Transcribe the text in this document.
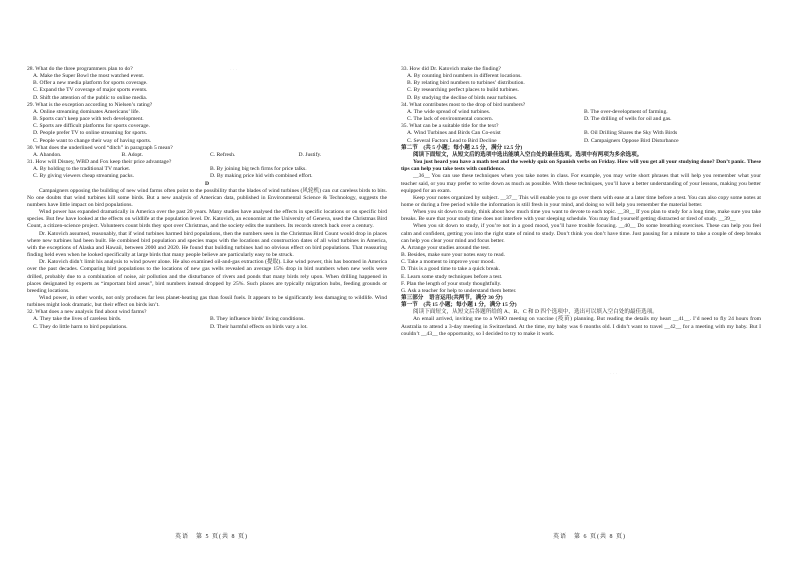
· · ·
· · ·

28. What do the three programmers plan to do?

A. Make the Super Bowl the most watched event.

B. Offer a new media platform for sports coverage.

C. Expand the TV coverage of major sports events.

D. Shift the attention of the public to online media.

29. What is the exception according to Nielsen’s rating?

A. Online streaming dominates Americans’ life.

B. Sports can’t keep pace with tech development.

C. Sports are difficult platforms for sports coverage.

D. People prefer TV to online streaming for sports.

C. People want to change their way of having sports.

30. What does the underlined word “ditch” in paragraph 5 mean?

A. Abandon.	B. Adopt.	C. Refresh.	D. Justify.

31. How will Disney, WBD and Fox keep their price advantage?

A. By holding to the traditional TV market.	B. By joining big tech firms for price talks.
C. By giving viewers cheap streaming packs.	D. By making price hid with combined effort.

D

Campaigners opposing the building of new wind farms often point to the possibility that the blades of wind turbines (风轮机) can cut careless birds to bits. No one doubts that wind turbines kill some birds. But a new analysis of American data, published in Environmental Science & Technology, suggests the numbers have little impact on bird populations.

Wind power has expanded dramatically in America over the past 20 years. Many studies have analysed the effects in specific locations or on specific bird species. But few have looked at the effects on wildlife at the population level. Dr. Katovich, an economist at the University of Geneva, used the Christmas Bird Count, a citizen-science project. Volunteers count birds they spot over Christmas, and the society edits the numbers. Its records stretch back over a century.

Dr. Katovich assumed, reasonably, that if wind turbines harmed bird populations, then the numbers seen in the Christmas Bird Count would drop in places where new turbines had been built. He combined bird population and species maps with the locations and construction dates of all wind turbines in America, with the exceptions of Alaska and Hawaii, between 2000 and 2020. He found that building turbines had no obvious effect on bird populations. That reassuring finding held even when he looked specifically at large birds that many people believe are particularly easy to be struck.

Dr. Katovich didn’t limit his analysis to wind power alone. He also examined oil-and-gas extraction (提取). Like wind power, this has boomed in America over the past decades. Comparing bird populations to the locations of new gas wells revealed an average 15% drop in bird numbers when new wells were drilled, probably due to a combination of noise, air pollution and the disturbance of rivers and ponds that many birds rely upon. When drilling happened in places designated by experts as “important bird areas”, bird numbers instead dropped by 25%. Such places are typically migration hubs, feeding grounds or breeding locations.

Wind power, in other words, not only produces far less planet-heating gas than fossil fuels. It appears to be significantly less damaging to wildlife. Wind turbines might look dramatic, but their effect on birds isn’t.

32. What does a new analysis find about wind farms?

A. They take the lives of careless birds.	B. They influence birds’ living conditions.
C. They do little harm to bird populations.	D. Their harmful effects on birds vary a lot.

33. How did Dr. Katovich make the finding?

A. By counting bird numbers in different locations.

B. By relating bird numbers to turbines’ distribution.

C. By researching perfect places to build turbines.

D. By studying the decline of birds near turbines.

34. What contributes most to the drop of bird numbers?

A. The wide spread of wind turbines.	B. The over-development of farming.
C. The lack of environmental concern.	D. The drilling of wells for oil and gas.

35. What can be a suitable title for the text?

A. Wind Turbines and Birds Can Co-exist	B. Oil Drilling Shares the Sky With Birds
C. Several Factors Lead to Bird Decline	D. Campaigners Oppose Bird Disturbance

第二节　(共 5 小题；每小题 2.5 分，满分 12.5 分)

阅读下面短文，从短文后的选项中选出能填入空白处的最佳选项。选项中有两项为多余选项。

You just heard you have a math test and the weekly quiz on Spanish verbs on Friday. How will you get all your studying done? Don’t panic. These tips can help you take tests with confidence.

__36__ You can use these techniques when you take notes in class. For example, you may write short phrases that will help you remember what your teacher said, or you may prefer to write down as much as possible. With these techniques, you’ll have a better understanding of your lessons, making you better equipped for an exam.

Keep your notes organized by subject. __37__ This will enable you to go over them with ease at a later time before a test. You can also copy some notes at home or during a free period while the information is still fresh in your mind, and doing so will help you remember the material better.

When you sit down to study, think about how much time you want to devote to each topic. __38__ If you plan to study for a long time, make sure you take breaks. Be sure that your study time does not interfere with your sleeping schedule. You may find yourself getting distracted or tired of study. __39__

When you sit down to study, if you’re not in a good mood, you’ll have trouble focusing. __40__ Do some breathing exercises. These can help you feel calm and confident, getting you into the right state of mind to study. Don’t think you don’t have time. Just pausing for a minute to take a couple of deep breaks can help you clear your mind and focus better.

A. Arrange your studies around the test.

B. Besides, make sure your notes easy to read.

C. Take a moment to improve your mood.

D. This is a good time to take a quick break.

E. Learn some study techniques before a test.

F. Plan the length of your study thoughtfully.

G. Ask a teacher for help to understand them better.

第三部分　语言运用(共两节，满分 30 分)

第一节　(共 15 小题；每小题 1 分，满分 15 分)

阅读下面短文，从短文后各题所给的 A、B、C 和 D 四个选项中，选出可以填入空白处的最佳选项。

An email arrived, inviting me to a WHO meeting on vaccine (疫苗) planning. But reading the details my heart __41__. I’d need to fly 24 hours from Australia to attend a 3-day meeting in Switzerland. At the time, my baby was 6 months old. I didn’t want to travel __42__ for a meeting with my baby. But I couldn’t __43__ the opportunity, so I decided to try to make it work.

英语　第 5 页(共 8 页)	英语　第 6 页(共 8 页)
